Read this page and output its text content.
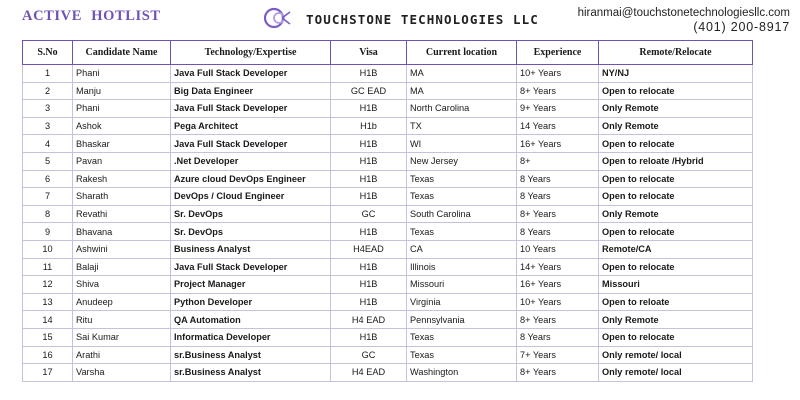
ACTIVE HOTLIST	TOUCHSTONE TECHNOLOGIES LLC	hiranmai@touchstonetechnologiesllc.com
(401) 200-8917
S.No	Candidate Name	Technology/Expertise	Visa	Current location	Experience	Remote/Relocate
1	Phani	Java Full Stack Developer	H1B	MA	10+ Years	NY/NJ
2	Manju	Big Data Engineer	GC EAD	MA	8+ Years	Open to relocate
3	Phani	Java Full Stack Developer	H1B	North Carolina	9+ Years	Only Remote
3	Ashok	Pega Architect	H1b	TX	14 Years	Only Remote
4	Bhaskar	Java Full Stack Developer	H1B	WI	16+ Years	Open to relocate
5	Pavan	.Net Developer	H1B	New Jersey	8+	Open to reloate /Hybrid
6	Rakesh	Azure cloud DevOps Engineer	H1B	Texas	8 Years	Open to relocate
7	Sharath	DevOps / Cloud Engineer	H1B	Texas	8 Years	Open to relocate
8	Revathi	Sr. DevOps	GC	South Carolina	8+ Years	Only Remote
9	Bhavana	Sr. DevOps	H1B	Texas	8 Years	Open to relocate
10	Ashwini	Business Analyst	H4EAD	CA	10 Years	Remote/CA
11	Balaji	Java Full Stack Developer	H1B	Illinois	14+ Years	Open to relocate
12	Shiva	Project Manager	H1B	Missouri	16+ Years	Missouri
13	Anudeep	Python Developer	H1B	Virginia	10+ Years	Open to reloate
14	Ritu	QA Automation	H4 EAD	Pennsylvania	8+ Years	Only Remote
15	Sai Kumar	Informatica Developer	H1B	Texas	8 Years	Open to relocate
16	Arathi	sr.Business Analyst	GC	Texas	7+ Years	Only remote/ local
17	Varsha	sr.Business Analyst	H4 EAD	Washington	8+ Years	Only remote/ local
